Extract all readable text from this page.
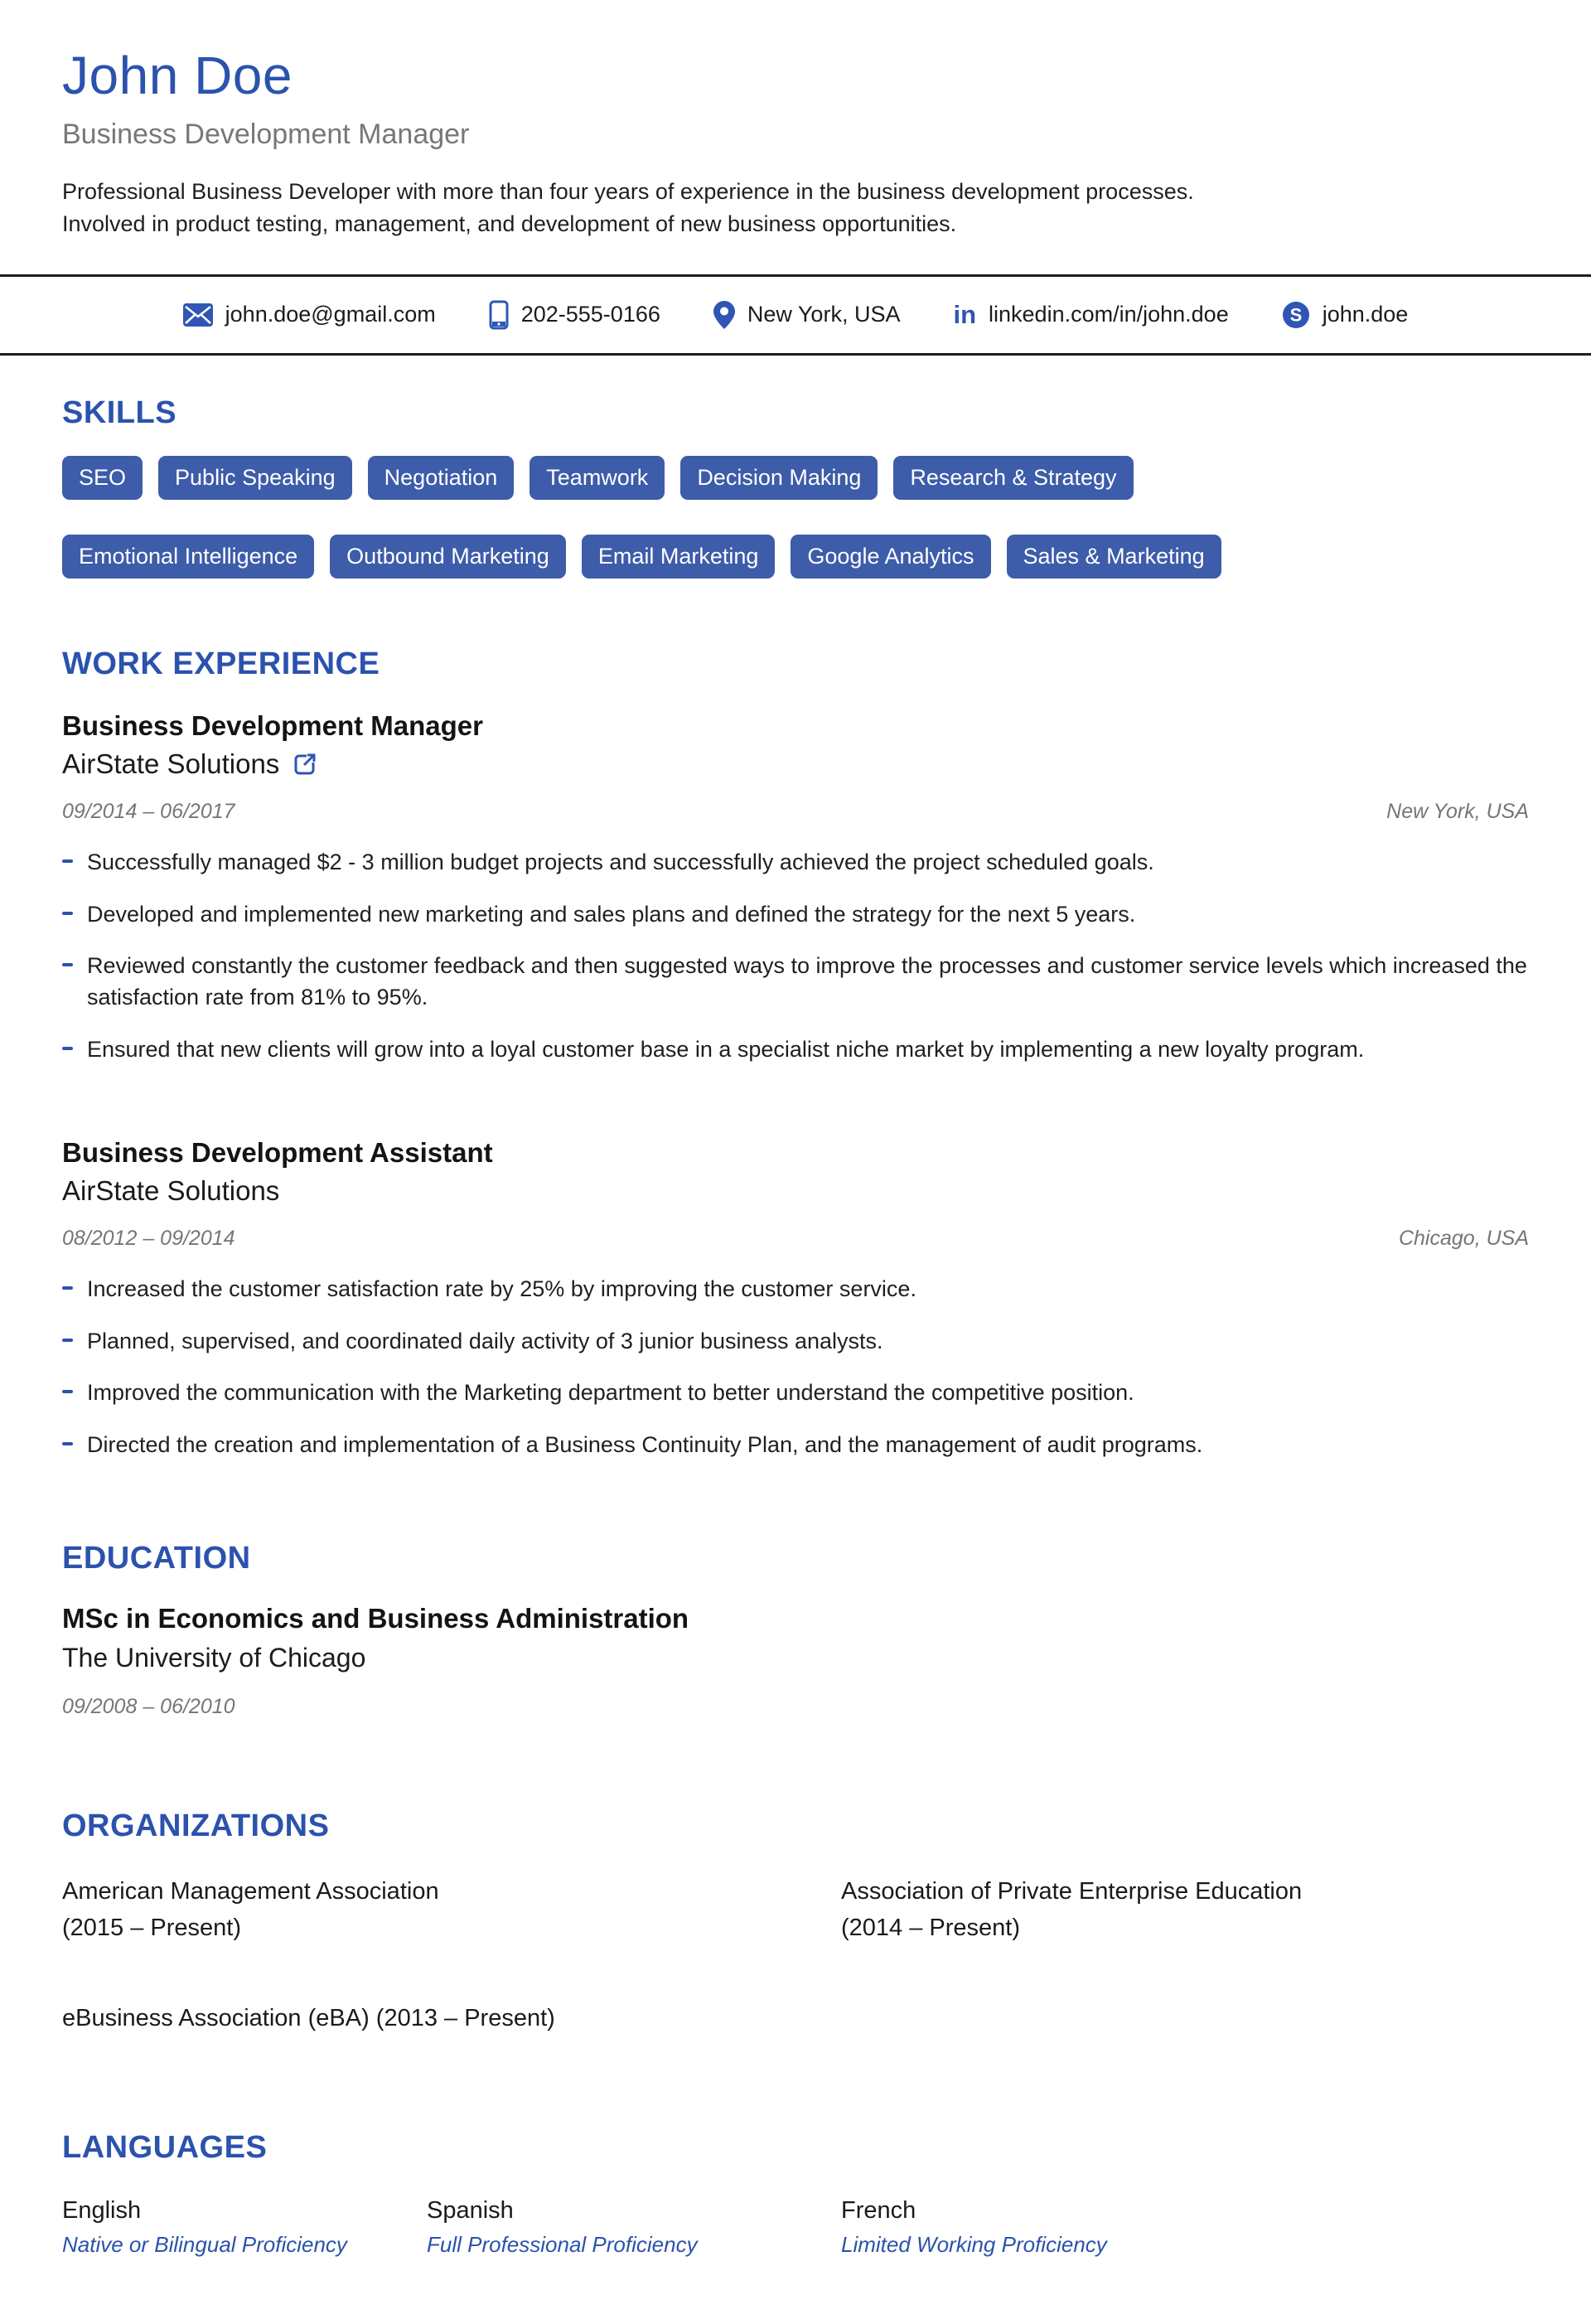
John Doe
Business Development Manager

Professional Business Developer with more than four years of experience in the business development processes.
Involved in product testing, management, and development of new business opportunities.

john.doe@gmail.com	202-555-0166	New York, USA in linkedin.com/in/john.doe	S john.doe
SKILLS
SEO	Public Speaking	Negotiation	Teamwork	Decision Making	Research & Strategy
Emotional Intelligence	Outbound Marketing	Email Marketing	Google Analytics	Sales & Marketing
WORK EXPERIENCE
Business Development Manager
AirState Solutions
09/2014 – 06/2017	New York, USA
Successfully managed $2 - 3 million budget projects and successfully achieved the project scheduled goals.
Developed and implemented new marketing and sales plans and defined the strategy for the next 5 years.
Reviewed constantly the customer feedback and then suggested ways to improve the processes and customer service levels which increased the satisfaction rate from 81% to 95%.
Ensured that new clients will grow into a loyal customer base in a specialist niche market by implementing a new loyalty program.
Business Development Assistant
AirState Solutions
08/2012 – 09/2014	Chicago, USA
Increased the customer satisfaction rate by 25% by improving the customer service.
Planned, supervised, and coordinated daily activity of 3 junior business analysts.
Improved the communication with the Marketing department to better understand the competitive position.
Directed the creation and implementation of a Business Continuity Plan, and the management of audit programs.
EDUCATION
MSc in Economics and Business Administration
The University of Chicago
09/2008 – 06/2010
ORGANIZATIONS
American Management Association
(2015 – Present)
Association of Private Enterprise Education
(2014 – Present)
eBusiness Association (eBA) (2013 – Present)
LANGUAGES
English
Native or Bilingual Proficiency
Spanish
Full Professional Proficiency
French
Limited Working Proficiency
